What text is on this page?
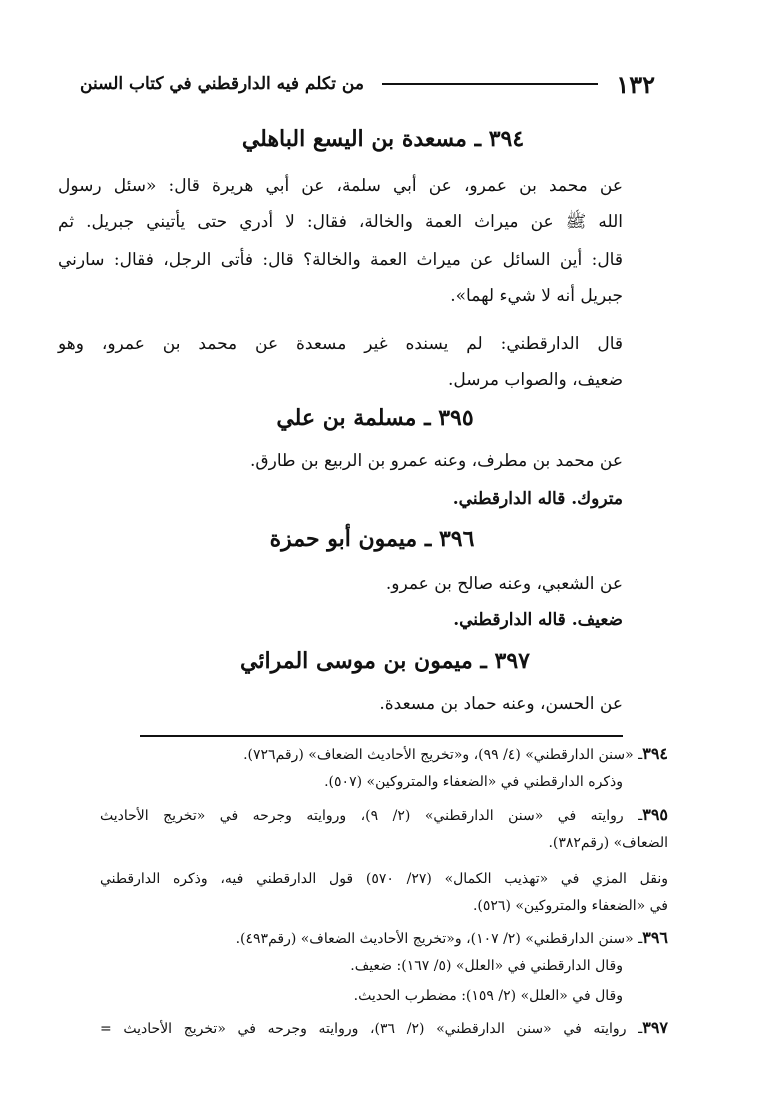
١٣٢
من تكلم فيه الدارقطني في كتاب السنن
٣٩٤ ـ مسعدة بن اليسع الباهلي
عن محمد بن عمرو، عن أبي سلمة، عن أبي هريرة قال: «سئل رسول
الله ﷺ عن ميراث العمة والخالة، فقال: لا أدري حتى يأتيني جبريل. ثم
قال: أين السائل عن ميراث العمة والخالة؟ قال: فأتى الرجل، فقال: سارني
جبريل أنه لا شيء لهما».
قال الدارقطني: لم يسنده غير مسعدة عن محمد بن عمرو، وهو
ضعيف، والصواب مرسل.
٣٩٥ ـ مسلمة بن علي
عن محمد بن مطرف، وعنه عمرو بن الربيع بن طارق.
متروك. قاله الدارقطني.
٣٩٦ ـ ميمون أبو حمزة
عن الشعبي، وعنه صالح بن عمرو.
ضعيف. قاله الدارقطني.
٣٩٧ ـ ميمون بن موسى المرائي
عن الحسن، وعنه حماد بن مسعدة.
٣٩٤ـ «سنن الدارقطني» (٤/ ٩٩)، و«تخريج الأحاديث الضعاف» (رقم٧٢٦).
وذكره الدارقطني في «الضعفاء والمتروكين» (٥٠٧).
٣٩٥ـ روايته في «سنن الدارقطني» (٢/ ٩)، وروايته وجرحه في «تخريج الأحاديث
الضعاف» (رقم٣٨٢).
ونقل المزي في «تهذيب الكمال» (٢٧/ ٥٧٠) قول الدارقطني فيه، وذكره الدارقطني
في «الضعفاء والمتروكين» (٥٢٦).
٣٩٦ـ «سنن الدارقطني» (٢/ ١٠٧)، و«تخريج الأحاديث الضعاف» (رقم٤٩٣).
وقال الدارقطني في «العلل» (٥/ ١٦٧): ضعيف.
وقال في «العلل» (٢/ ١٥٩): مضطرب الحديث.
٣٩٧ـ روايته في «سنن الدارقطني» (٢/ ٣٦)، وروايته وجرحه في «تخريج الأحاديث =
